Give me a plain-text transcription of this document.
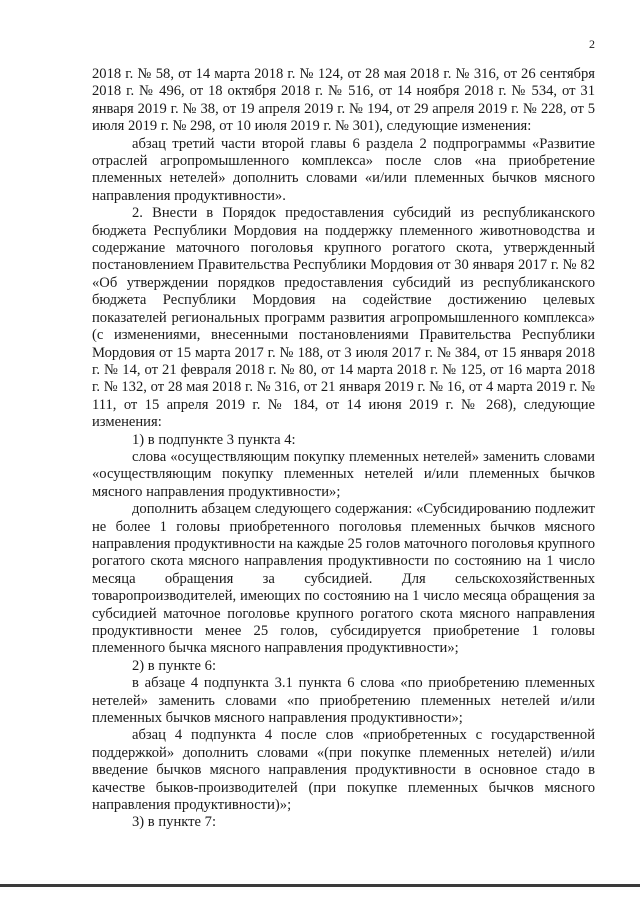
2

2018 г. № 58, от 14 марта 2018 г. № 124, от 28 мая 2018 г. № 316, от 26 сентября 2018 г. № 496, от 18 октября 2018 г. № 516, от 14 ноября 2018 г. № 534, от 31 января 2019 г. № 38, от 19 апреля 2019 г. № 194, от 29 апреля 2019 г. № 228, от 5 июля 2019 г. № 298, от 10 июля 2019 г. № 301), следующие изменения:

абзац третий части второй главы 6 раздела 2 подпрограммы «Развитие отраслей агропромышленного комплекса» после слов «на приобретение племенных нетелей» дополнить словами «и/или племенных бычков мясного направления продуктивности».

2. Внести в Порядок предоставления субсидий из республиканского бюджета Республики Мордовия на поддержку племенного животноводства и содержание маточного поголовья крупного рогатого скота, утвержденный постановлением Правительства Республики Мордовия от 30 января 2017 г. № 82 «Об утверждении порядков предоставления субсидий из республиканского бюджета Республики Мордовия на содействие достижению целевых показателей региональных программ развития агропромышленного комплекса» (с изменениями, внесенными постановлениями Правительства Республики Мордовия от 15 марта 2017 г. № 188, от 3 июля 2017 г. № 384, от 15 января 2018 г. № 14, от 21 февраля 2018 г. № 80, от 14 марта 2018 г. № 125, от 16 марта 2018 г. № 132, от 28 мая 2018 г. № 316, от 21 января 2019 г. № 16, от 4 марта 2019 г. № 111, от 15 апреля 2019 г. № 184, от 14 июня 2019 г. № 268), следующие изменения:

1) в подпункте 3 пункта 4:

слова «осуществляющим покупку племенных нетелей» заменить словами «осуществляющим покупку племенных нетелей и/или племенных бычков мясного направления продуктивности»;

дополнить абзацем следующего содержания: «Субсидированию подлежит не более 1 головы приобретенного поголовья племенных бычков мясного направления продуктивности на каждые 25 голов маточного поголовья крупного рогатого скота мясного направления продуктивности по состоянию на 1 число месяца обращения за субсидией. Для сельскохозяйственных товаропроизводителей, имеющих по состоянию на 1 число месяца обращения за субсидией маточное поголовье крупного рогатого скота мясного направления продуктивности менее 25 голов, субсидируется приобретение 1 головы племенного бычка мясного направления продуктивности»;

2) в пункте 6:

в абзаце 4 подпункта 3.1 пункта 6 слова «по приобретению племенных нетелей» заменить словами «по приобретению племенных нетелей и/или племенных бычков мясного направления продуктивности»;

абзац 4 подпункта 4 после слов «приобретенных с государственной поддержкой» дополнить словами «(при покупке племенных нетелей) и/или введение бычков мясного направления продуктивности в основное стадо в качестве быков-производителей (при покупке племенных бычков мясного направления продуктивности)»;

3) в пункте 7:
